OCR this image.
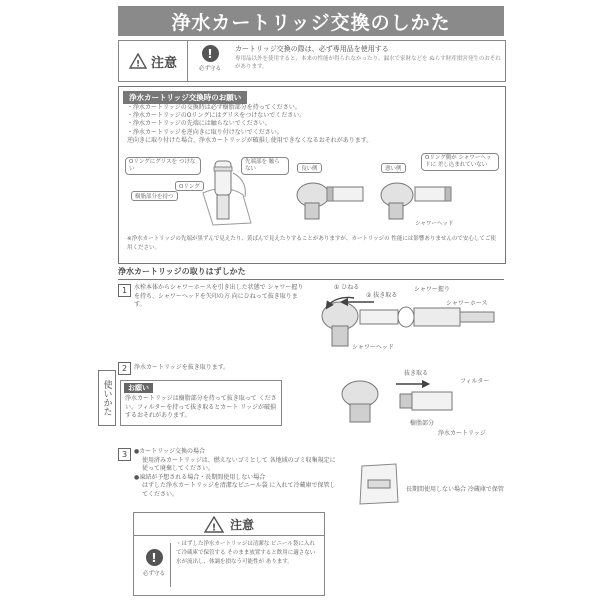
浄水カートリッジ交換のしかた
! 注意
!
必ず守る
カートリッジ交換の際は、必ず専用品を使用する
専用品以外を使用すると、本来の性能が得られなかったり、漏水で家財などを ぬらす財産損害発生のおそれがあります。
浄水カートリッジ交換時のお願い
・浄水カートリッジの交換時は必ず樹脂部分を持ってください。
・浄水カートリッジのOリングにはグリスをつけないでください。
・浄水カートリッジの先端には触らないでください。
・浄水カートリッジを逆向きに取り付けないでください。
逆向きに取り付けた場合、浄水カートリッジが破損し使用できなくなるおそれがあります。
Oリングにグリスを つけない
Oリング
樹脂部分を持つ
先端部を 触らない	良い例	悪い例
Oリング側が シャワーヘッドに 差し込まれていない
シャワーヘッド
※浄水カートリッジの先端が黒ずんで見えたり、黄ばんで見えたりすることがありますが、カートリッジの 性能には影響ありませんので安心してご使用ください。
浄水カートリッジの取りはずしかた
使いかた
1	水栓本体からシャワーホースを引き出した状態で シャワー握りを持ち、シャワーヘッドを矢印の方 向にひねって抜き取ります。
① ひねる
② 抜き取る
シャワー握り
シャワーホース
シャワーヘッド
2	浄水カートリッジを抜き取ります。
お願い
浄水カートリッジは樹脂部分を持って抜き取って ください。フィルターを持って抜き取るとカート リッジが破損するおそれがあります。
抜き取る
フィルター
樹脂部分
浄水カートリッジ
3	●カートリッジ交換の場合
使用済みカートリッジは、燃えないゴミとして 各地域のゴミ収集規定に従って廃棄してください。
●凍結が予想される場合・長期間使用しない場合
はずした浄水カートリッジを清潔なビニール袋 に入れて冷蔵庫で保管してください。
長期間使用しない場合 冷蔵庫で保管
! 注意
!
必ず守る
・はずした浄水カートリッジは清潔な ビニール袋に入れて冷蔵庫で保管する そのまま放置すると飲用に適さない 水が流出し、体調を損なう可能性が あります。
